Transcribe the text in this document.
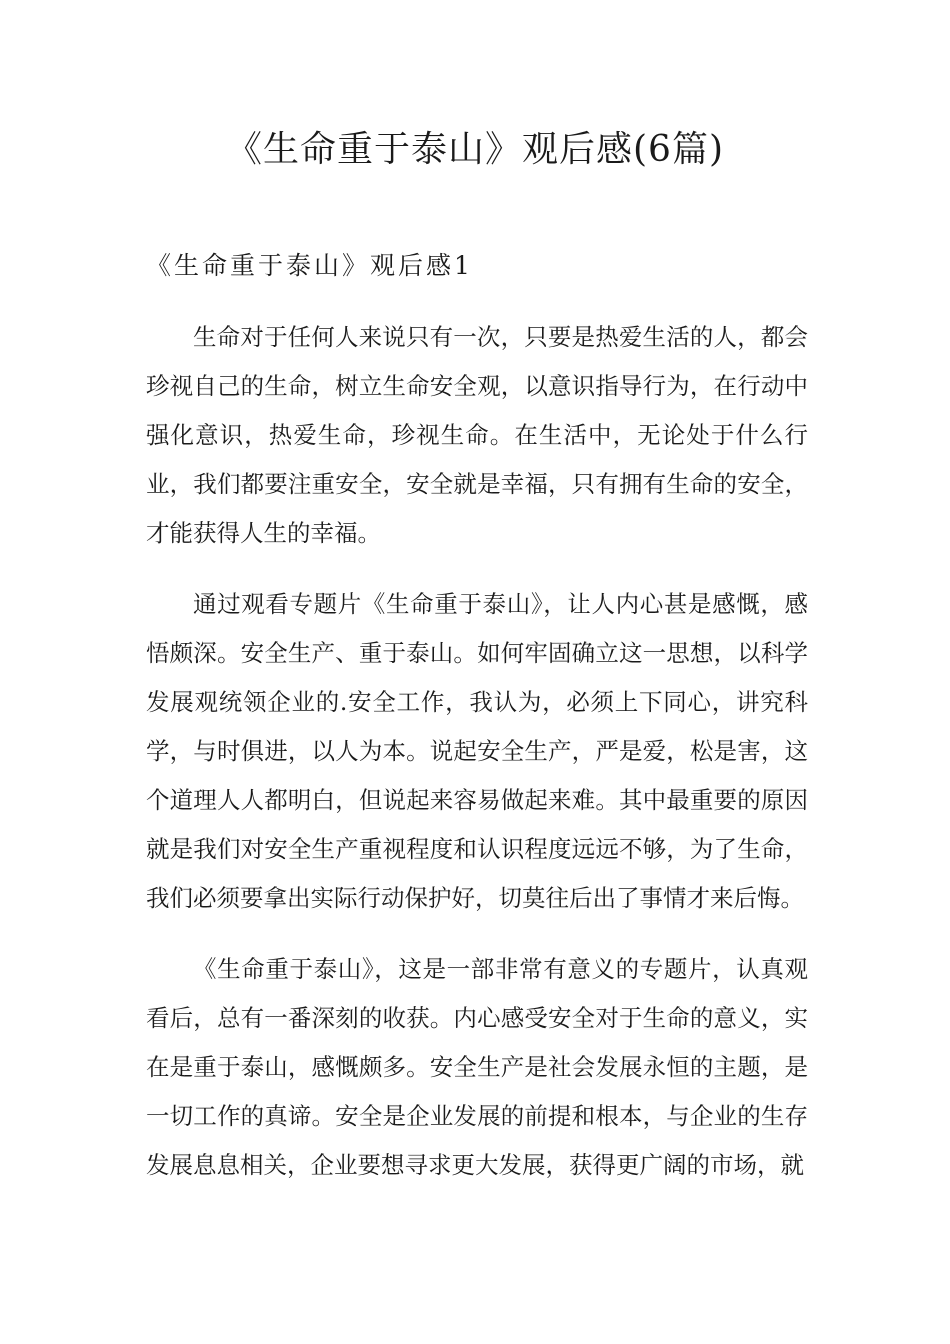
《生命重于泰山》观后感(6篇)
《生命重于泰山》观后感1

生命对于任何人来说只有一次，只要是热爱生活的人，都会珍视自己的生命，树立生命安全观，以意识指导行为，在行动中强化意识，热爱生命，珍视生命。在生活中，无论处于什么行业，我们都要注重安全，安全就是幸福，只有拥有生命的安全，才能获得人生的幸福。

通过观看专题片《生命重于泰山》，让人内心甚是感慨，感悟颇深。安全生产、重于泰山。如何牢固确立这一思想，以科学发展观统领企业的.安全工作，我认为，必须上下同心，讲究科学，与时俱进，以人为本。说起安全生产，严是爱，松是害，这个道理人人都明白，但说起来容易做起来难。其中最重要的原因就是我们对安全生产重视程度和认识程度远远不够，为了生命，我们必须要拿出实际行动保护好，切莫往后出了事情才来后悔。

《生命重于泰山》，这是一部非常有意义的专题片，认真观看后，总有一番深刻的收获。内心感受安全对于生命的意义，实在是重于泰山，感慨颇多。安全生产是社会发展永恒的主题，是一切工作的真谛。安全是企业发展的前提和根本，与企业的生存发展息息相关，企业要想寻求更大发展，获得更广阔的市场，就
